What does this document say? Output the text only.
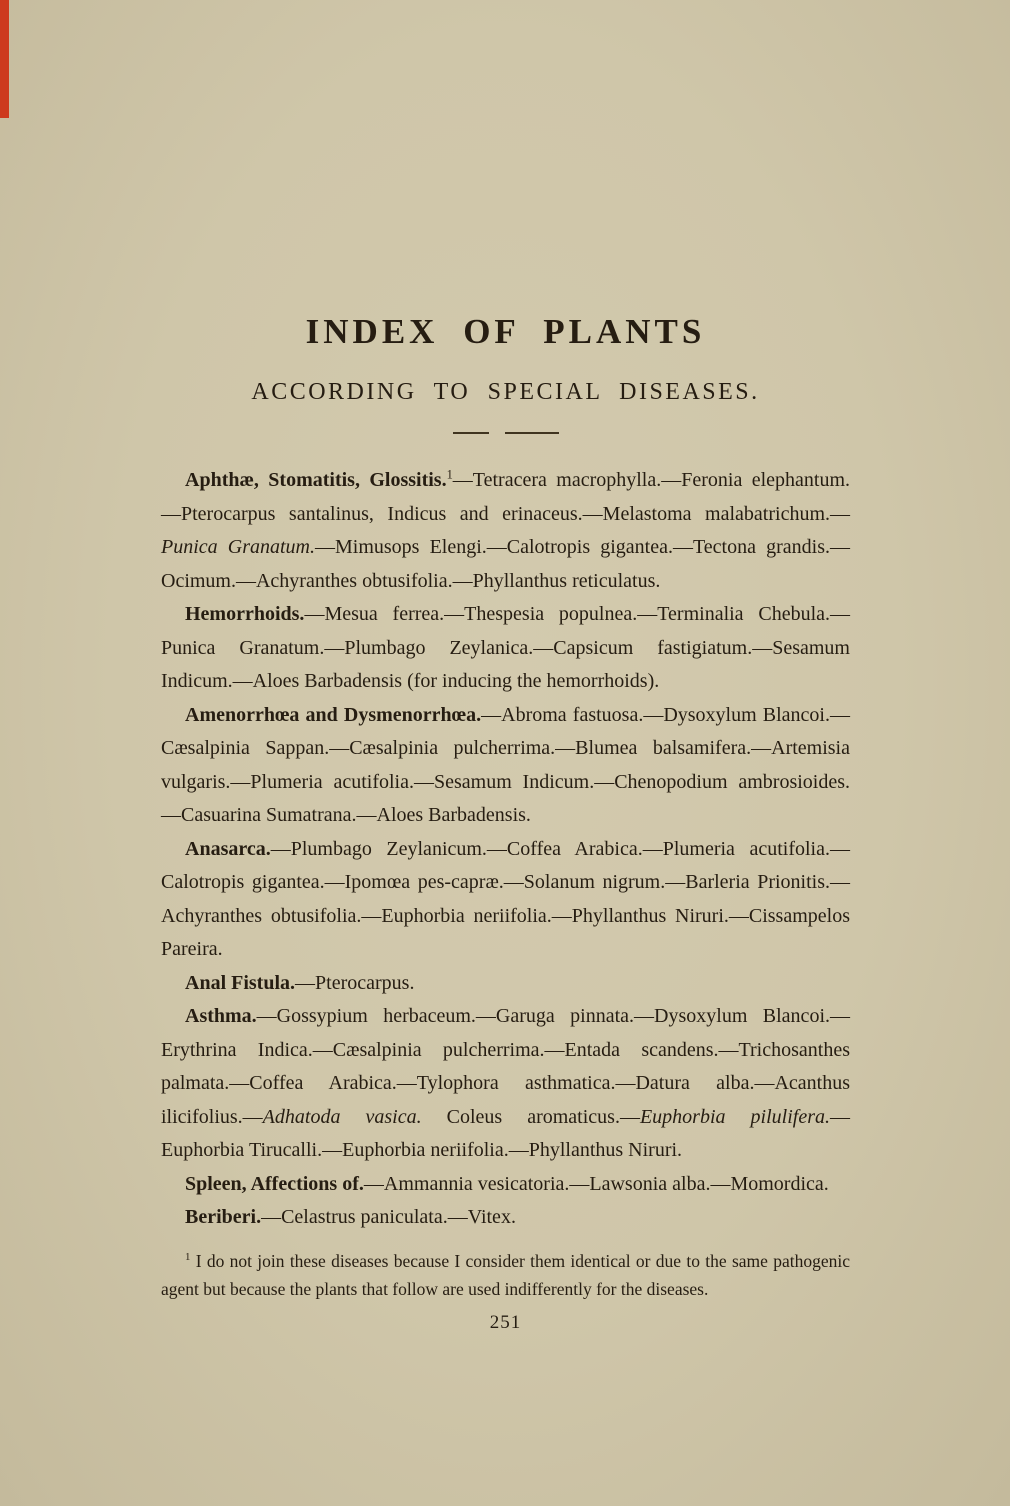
INDEX OF PLANTS
ACCORDING TO SPECIAL DISEASES.

Aphthæ, Stomatitis, Glossitis.$^1$—Tetracera macrophylla.—Feronia elephantum.—Pterocarpus santalinus, Indicus and erinaceus.—Melastoma malabatrichum.—Punica Granatum.—Mimusops Elengi.—Calotropis gigantea.—Tectona grandis.—Ocimum.—Achyranthes obtusifolia.—Phyllanthus reticulatus.

Hemorrhoids.—Mesua ferrea.—Thespesia populnea.—Terminalia Chebula.—Punica Granatum.—Plumbago Zeylanica.—Capsicum fastigiatum.—Sesamum Indicum.—Aloes Barbadensis (for inducing the hemorrhoids).

Amenorrhœa and Dysmenorrhœa.—Abroma fastuosa.—Dysoxylum Blancoi.—Cæsalpinia Sappan.—Cæsalpinia pulcherrima.—Blumea balsamifera.—Artemisia vulgaris.—Plumeria acutifolia.—Sesamum Indicum.—Chenopodium ambrosioides.—Casuarina Sumatrana.—Aloes Barbadensis.

Anasarca.—Plumbago Zeylanicum.—Coffea Arabica.—Plumeria acutifolia.—Calotropis gigantea.—Ipomœa pes-capræ.—Solanum nigrum.—Barleria Prionitis.—Achyranthes obtusifolia.—Euphorbia neriifolia.—Phyllanthus Niruri.—Cissampelos Pareira.

Anal Fistula.—Pterocarpus.

Asthma.—Gossypium herbaceum.—Garuga pinnata.—Dysoxylum Blancoi.—Erythrina Indica.—Cæsalpinia pulcherrima.—Entada scandens.—Trichosanthes palmata.—Coffea Arabica.—Tylophora asthmatica.—Datura alba.—Acanthus ilicifolius.—Adhatoda vasica. Coleus aromaticus.—Euphorbia pilulifera.—Euphorbia Tirucalli.—Euphorbia neriifolia.—Phyllanthus Niruri.

Spleen, Affections of.—Ammannia vesicatoria.—Lawsonia alba.—Momordica.

Beriberi.—Celastrus paniculata.—Vitex.

$^1$ I do not join these diseases because I consider them identical or due to the same pathogenic agent but because the plants that follow are used indifferently for the diseases.

251
